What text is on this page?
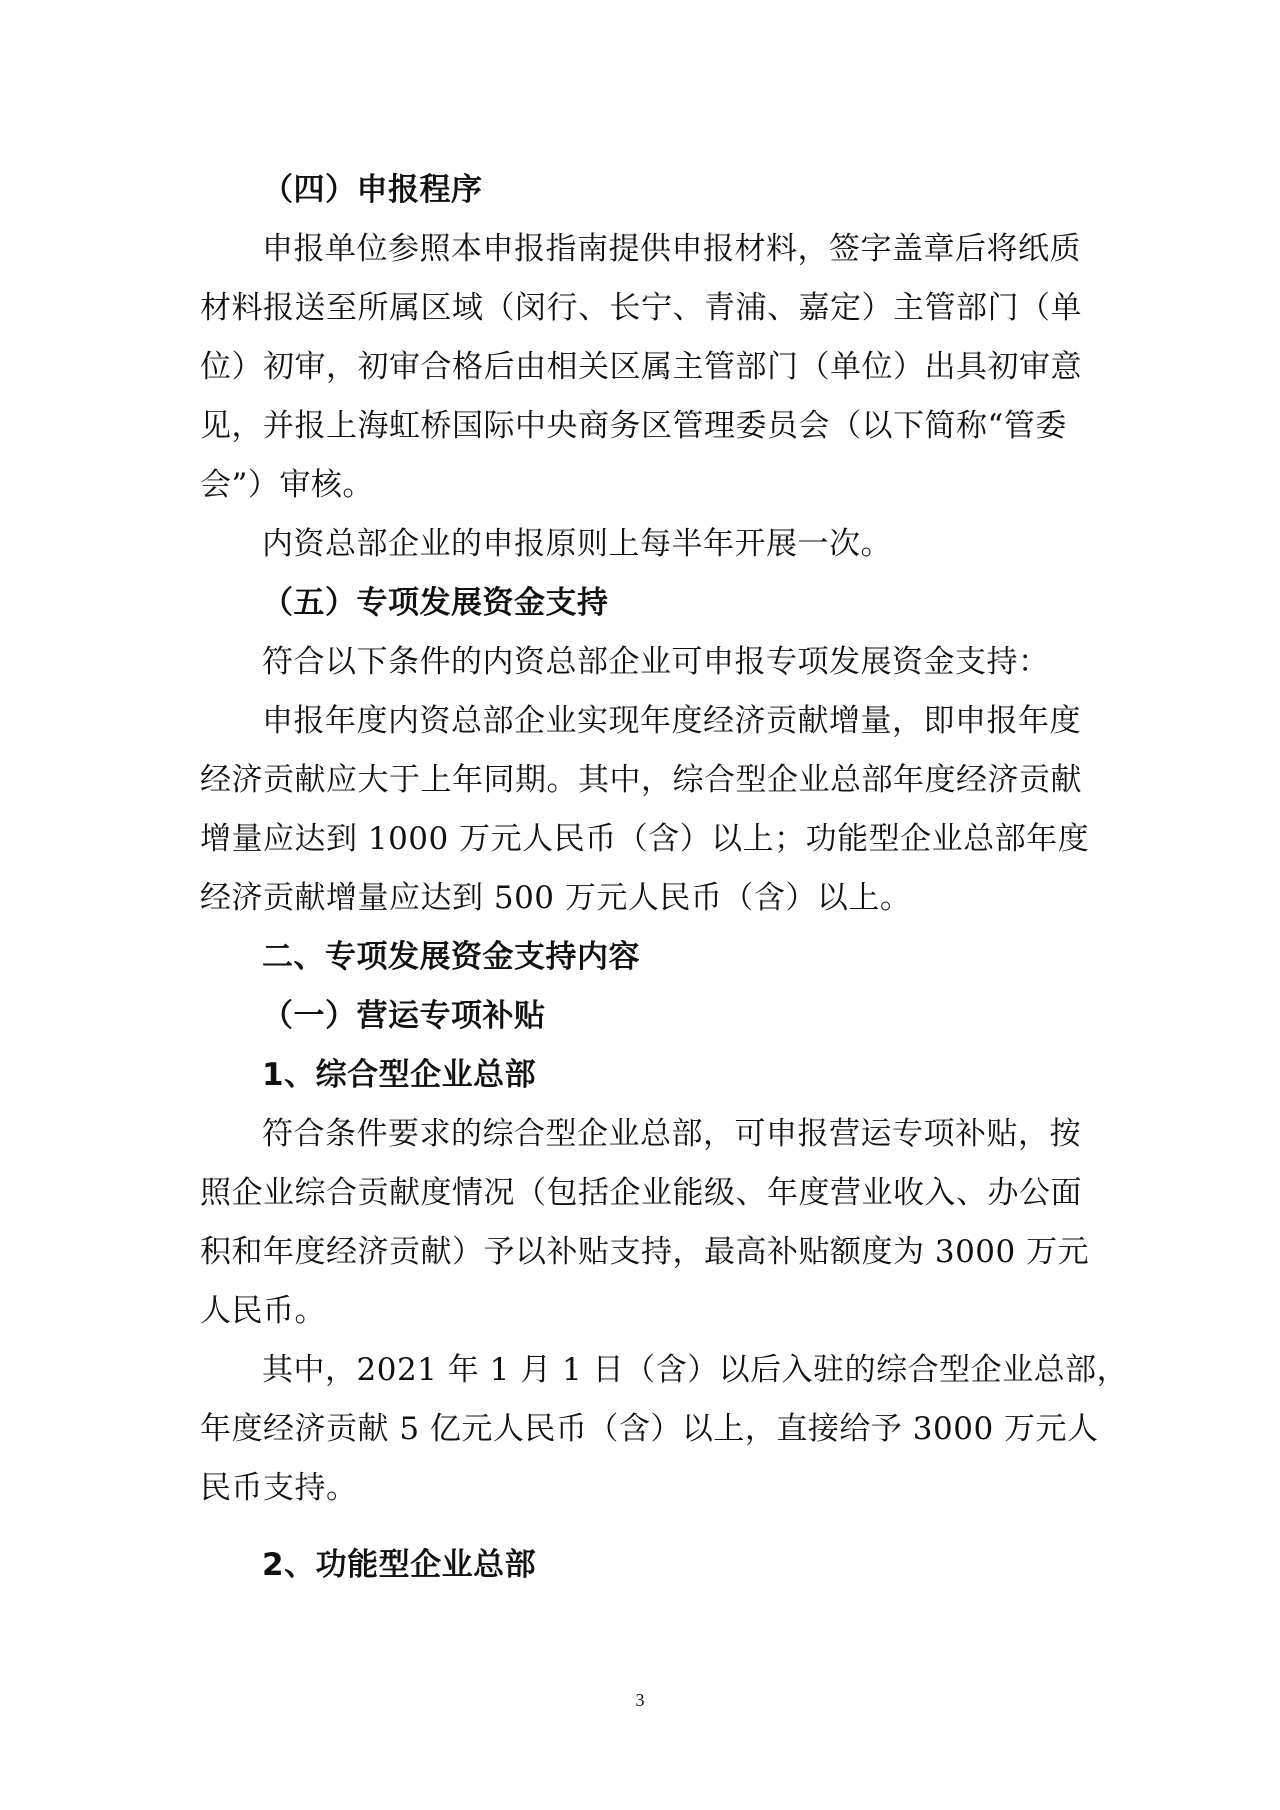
（四）申报程序
申报单位参照本申报指南提供申报材料，签字盖章后将纸质
材料报送至所属区域（闵行、长宁、青浦、嘉定）主管部门（单
位）初审，初审合格后由相关区属主管部门（单位）出具初审意
见，并报上海虹桥国际中央商务区管理委员会（以下简称“管委
会”）审核。
内资总部企业的申报原则上每半年开展一次。
（五）专项发展资金支持
符合以下条件的内资总部企业可申报专项发展资金支持：
申报年度内资总部企业实现年度经济贡献增量，即申报年度
经济贡献应大于上年同期。其中，综合型企业总部年度经济贡献
增量应达到 1000 万元人民币（含）以上；功能型企业总部年度
经济贡献增量应达到 500 万元人民币（含）以上。
二、专项发展资金支持内容
（一）营运专项补贴
1、综合型企业总部
符合条件要求的综合型企业总部，可申报营运专项补贴，按
照企业综合贡献度情况（包括企业能级、年度营业收入、办公面
积和年度经济贡献）予以补贴支持，最高补贴额度为 3000 万元
人民币。
其中，2021 年 1 月 1 日（含）以后入驻的综合型企业总部，
年度经济贡献 5 亿元人民币（含）以上，直接给予 3000 万元人
民币支持。
2、功能型企业总部
3
